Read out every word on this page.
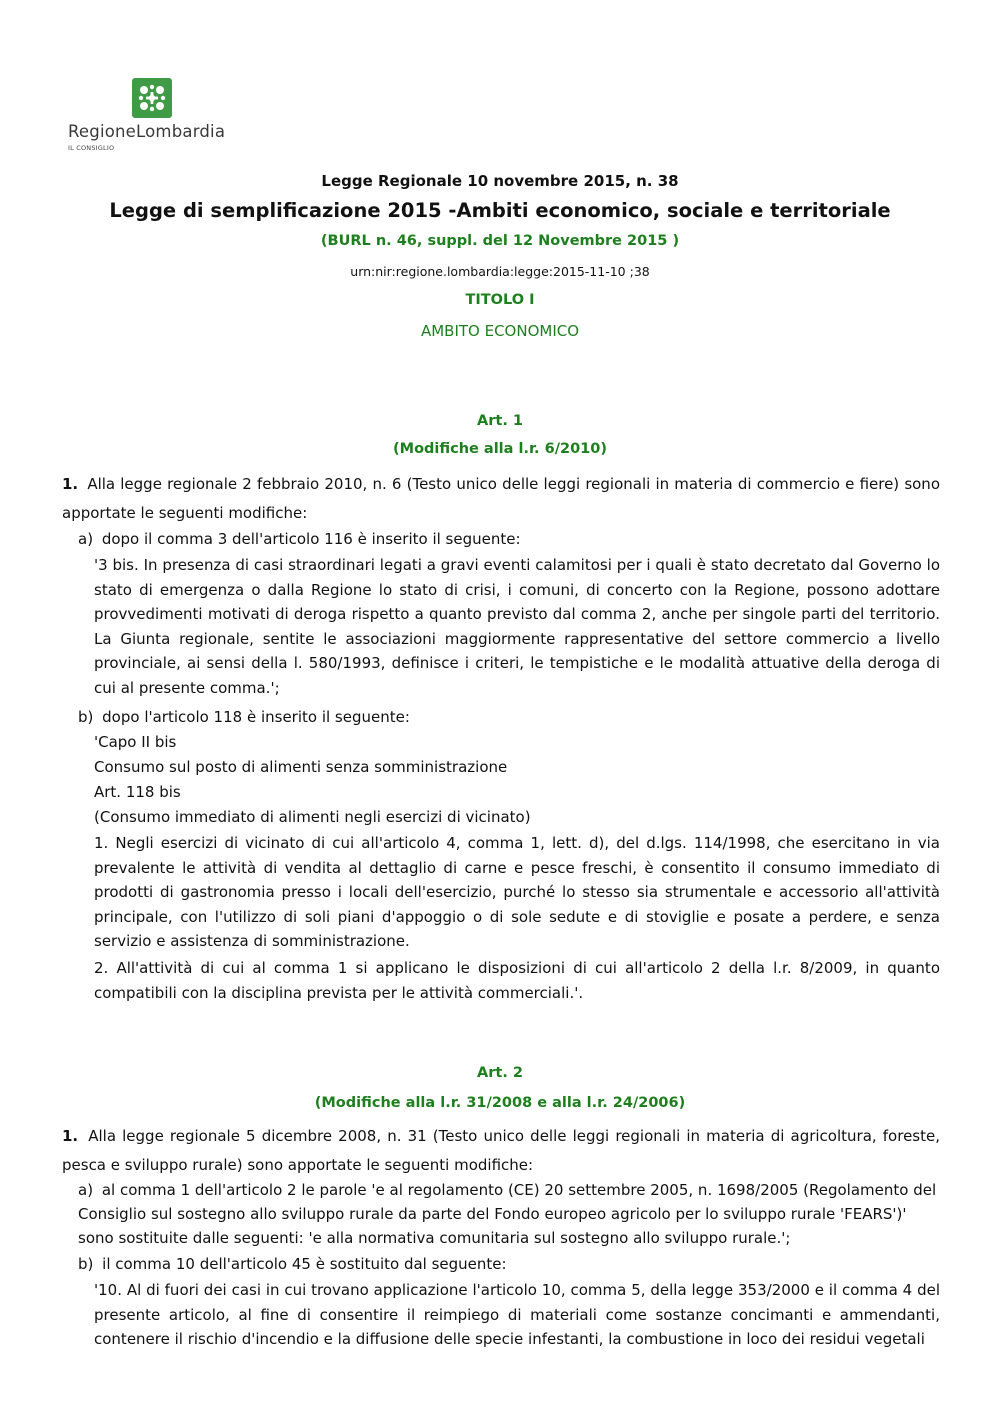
RegioneLombardia
IL CONSIGLIO
Legge Regionale 10 novembre 2015, n. 38
Legge di semplificazione 2015 -Ambiti economico, sociale e territoriale
(BURL n. 46, suppl. del 12 Novembre 2015 )
urn:nir:regione.lombardia:legge:2015-11-10 ;38
TITOLO I
AMBITO ECONOMICO
Art. 1
(Modifiche alla l.r. 6/2010)
1. Alla legge regionale 2 febbraio 2010, n. 6 (Testo unico delle leggi regionali in materia di commercio e fiere) sono apportate le seguenti modifiche:
a) dopo il comma 3 dell'articolo 116 è inserito il seguente:
'3 bis. In presenza di casi straordinari legati a gravi eventi calamitosi per i quali è stato decretato dal Governo lo stato di emergenza o dalla Regione lo stato di crisi, i comuni, di concerto con la Regione, possono adottare provvedimenti motivati di deroga rispetto a quanto previsto dal comma 2, anche per singole parti del territorio. La Giunta regionale, sentite le associazioni maggiormente rappresentative del settore commercio a livello provinciale, ai sensi della l. 580/1993, definisce i criteri, le tempistiche e le modalità attuative della deroga di cui al presente comma.';
b) dopo l'articolo 118 è inserito il seguente:
'Capo II bis
Consumo sul posto di alimenti senza somministrazione
Art. 118 bis
(Consumo immediato di alimenti negli esercizi di vicinato)
1. Negli esercizi di vicinato di cui all'articolo 4, comma 1, lett. d), del d.lgs. 114/1998, che esercitano in via prevalente le attività di vendita al dettaglio di carne e pesce freschi, è consentito il consumo immediato di prodotti di gastronomia presso i locali dell'esercizio, purché lo stesso sia strumentale e accessorio all'attività principale, con l'utilizzo di soli piani d'appoggio o di sole sedute e di stoviglie e posate a perdere, e senza servizio e assistenza di somministrazione.
2. All'attività di cui al comma 1 si applicano le disposizioni di cui all'articolo 2 della l.r. 8/2009, in quanto compatibili con la disciplina prevista per le attività commerciali.'.
Art. 2
(Modifiche alla l.r. 31/2008 e alla l.r. 24/2006)
1. Alla legge regionale 5 dicembre 2008, n. 31 (Testo unico delle leggi regionali in materia di agricoltura, foreste, pesca e sviluppo rurale) sono apportate le seguenti modifiche:
a) al comma 1 dell'articolo 2 le parole 'e al regolamento (CE) 20 settembre 2005, n. 1698/2005 (Regolamento del
Consiglio sul sostegno allo sviluppo rurale da parte del Fondo europeo agricolo per lo sviluppo rurale 'FEARS')'
sono sostituite dalle seguenti: 'e alla normativa comunitaria sul sostegno allo sviluppo rurale.';
b) il comma 10 dell'articolo 45 è sostituito dal seguente:
'10. Al di fuori dei casi in cui trovano applicazione l'articolo 10, comma 5, della legge 353/2000 e il comma 4 del presente articolo, al fine di consentire il reimpiego di materiali come sostanze concimanti e ammendanti, contenere il rischio d'incendio e la diffusione delle specie infestanti, la combustione in loco dei residui vegetali
